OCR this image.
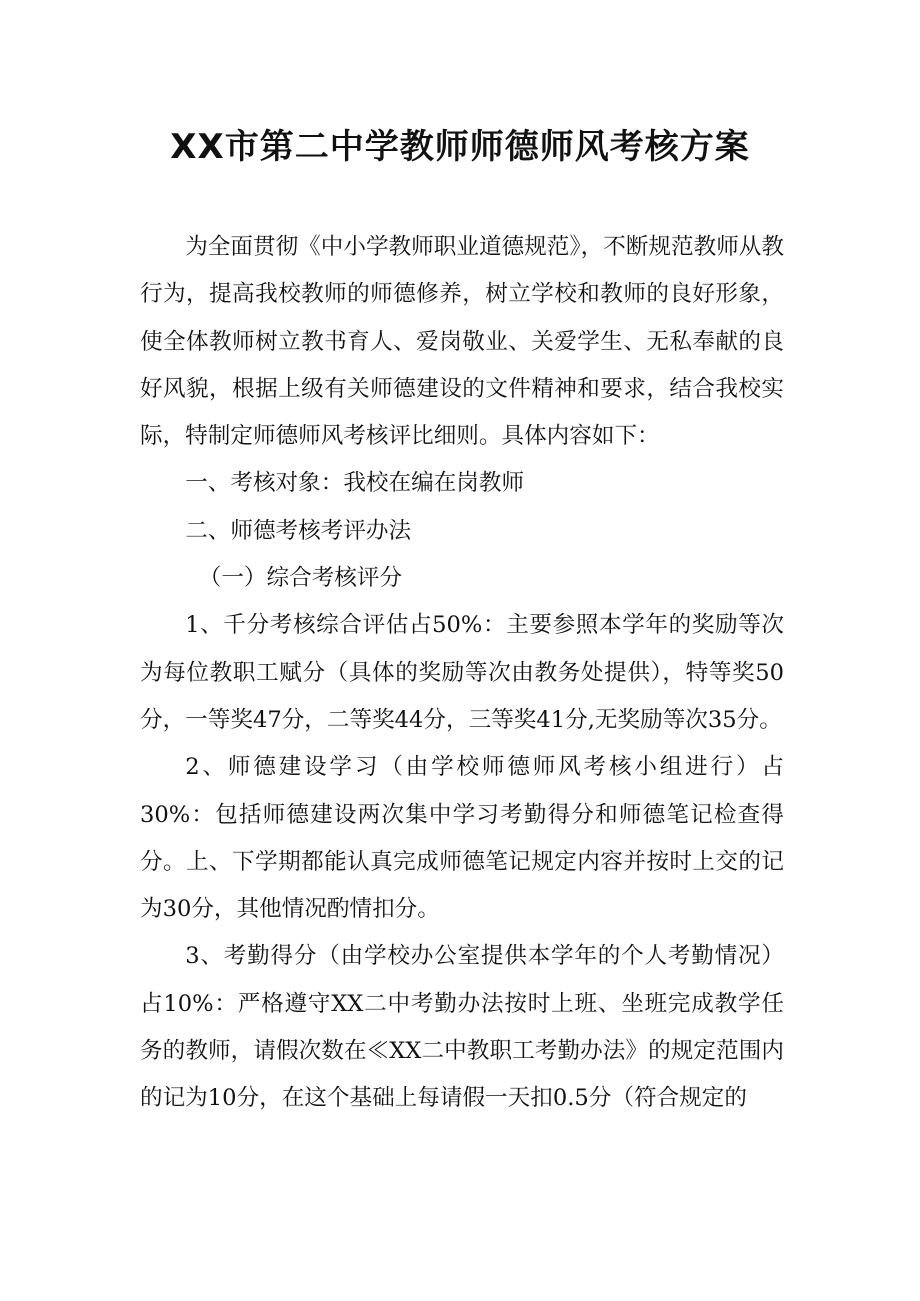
XX市第二中学教师师德师风考核方案

为全面贯彻《中小学教师职业道德规范》，不断规范教师从教行为，提高我校教师的师德修养，树立学校和教师的良好形象，使全体教师树立教书育人、爱岗敬业、关爱学生、无私奉献的良好风貌，根据上级有关师德建设的文件精神和要求，结合我校实际，特制定师德师风考核评比细则。具体内容如下：

一、考核对象：我校在编在岗教师

二、师德考核考评办法

（一）综合考核评分

1、千分考核综合评估占50%：主要参照本学年的奖励等次为每位教职工赋分（具体的奖励等次由教务处提供），特等奖50分，一等奖47分，二等奖44分，三等奖41分,无奖励等次35分。

2、师德建设学习（由学校师德师风考核小组进行）占30%：包括师德建设两次集中学习考勤得分和师德笔记检查得分。上、下学期都能认真完成师德笔记规定内容并按时上交的记为30分，其他情况酌情扣分。

3、考勤得分（由学校办公室提供本学年的个人考勤情况）占10%：严格遵守XX二中考勤办法按时上班、坐班完成教学任务的教师，请假次数在≪XX二中教职工考勤办法》的规定范围内的记为10分，在这个基础上每请假一天扣0.5分（符合规定的
